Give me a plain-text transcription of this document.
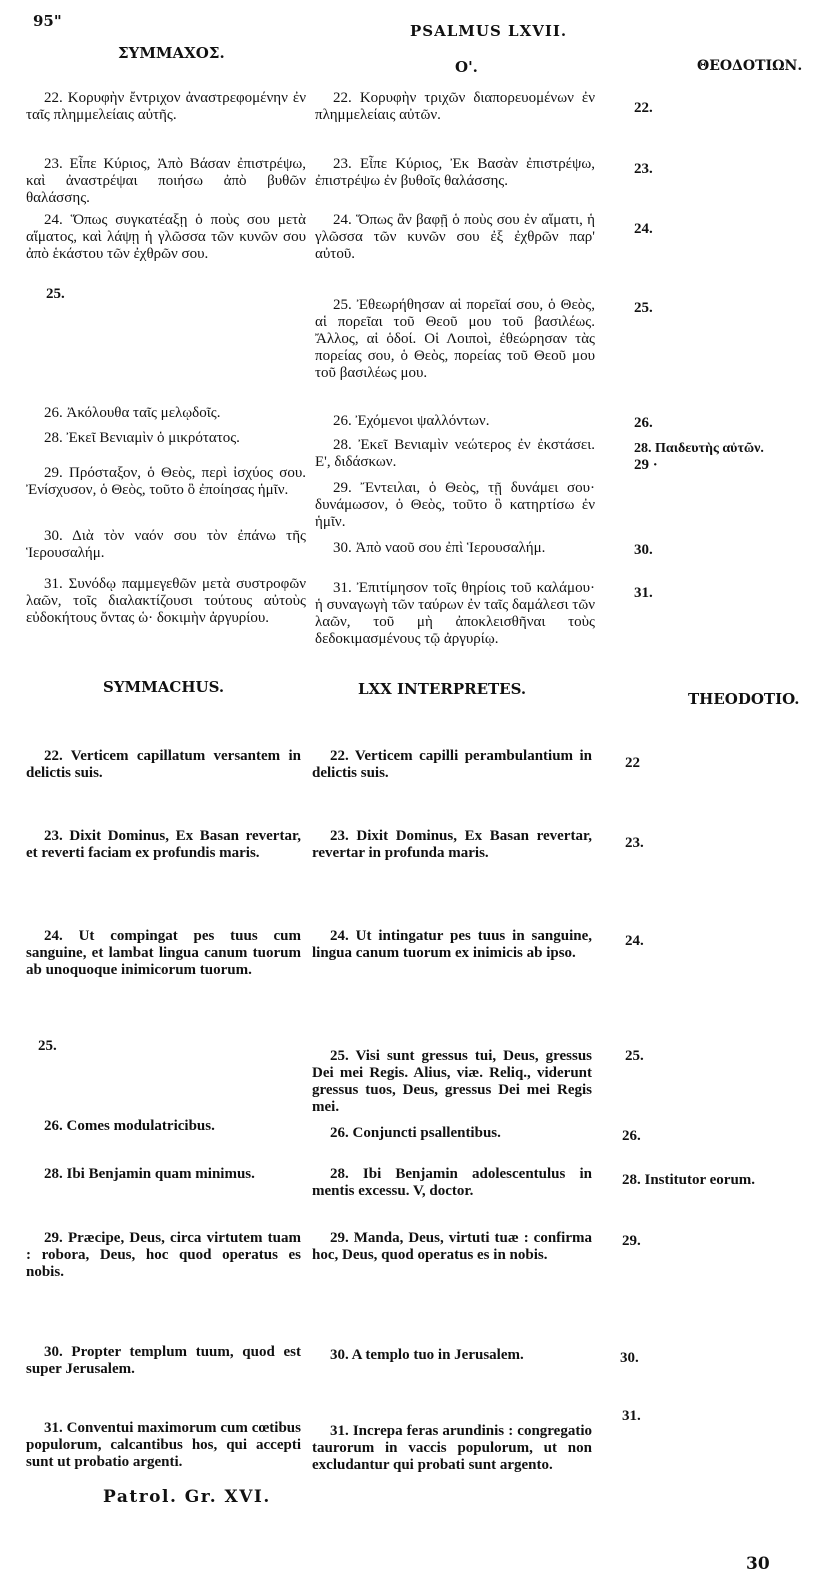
95"
PSALMUS LXVII.
ΣΥΜΜΑΧΟΣ.
O'.	ΘΕΟΔΟΤΙΩΝ.
22. Κορυφὴν ἔντριχον ἀναστρεφομένην ἐν ταῖς πλημμελείαις αὐτῆς.
23. Εἶπε Κύριος, Ἀπὸ Βάσαν ἐπιστρέψω, καὶ ἀναστρέψαι ποιήσω ἀπὸ βυθῶν θαλάσσης.
24. Ὅπως συγκατέαξῃ ὁ ποὺς σου μετὰ αἵματος, καὶ λάψῃ ἡ γλῶσσα τῶν κυνῶν σου ἀπὸ ἑκάστου τῶν ἐχθρῶν σου.
25.
26. Ἀκόλουθα ταῖς μελῳδοῖς.
28. Ἐκεῖ Βενιαμὶν ὁ μικρότατος.
29. Πρόσταξον, ὁ Θεὸς, περὶ ἰσχύος σου. Ἐνίσχυσον, ὁ Θεὸς, τοῦτο ὃ ἐποίησας ἡμῖν.
30. Διὰ τὸν ναόν σου τὸν ἐπάνω τῆς Ἱερουσαλήμ.
31. Συνόδῳ παμμεγεθῶν μετὰ συστροφῶν λαῶν, τοῖς διαλακτίζουσι τούτους αὐτοὺς εὐδοκήτους ὄντας ὡ· δοκιμὴν ἀργυρίου.
22. Κορυφὴν τριχῶν διαπορευομένων ἐν πλημμελείαις αὐτῶν.
23. Εἶπε Κύριος, Ἐκ Βασὰν ἐπιστρέψω, ἐπιστρέψω ἐν βυθοῖς θαλάσσης.
24. Ὅπως ἂν βαφῇ ὁ ποὺς σου ἐν αἵματι, ἡ γλῶσσα τῶν κυνῶν σου ἐξ ἐχθρῶν παρ' αὐτοῦ.
25. Ἐθεωρήθησαν αἱ πορεῖαί σου, ὁ Θεὸς, αἱ πορεῖαι τοῦ Θεοῦ μου τοῦ βασιλέως. Ἄλλος, αἱ ὁδοί. Οἱ Λοιποὶ, ἐθεώρησαν τὰς πορείας σου, ὁ Θεὸς, πορείας τοῦ Θεοῦ μου τοῦ βασιλέως μου.
26. Ἐχόμενοι ψαλλόντων.
28. Ἐκεῖ Βενιαμὶν νεώτερος ἐν ἐκστάσει. Ε', διδάσκων.
29. Ἔντειλαι, ὁ Θεὸς, τῇ δυνάμει σου· δυνάμωσον, ὁ Θεὸς, τοῦτο ὃ κατηρτίσω ἐν ἡμῖν.
30. Ἀπὸ ναοῦ σου ἐπὶ Ἱερουσαλήμ.
31. Ἐπιτίμησον τοῖς θηρίοις τοῦ καλάμου· ἡ συναγωγὴ τῶν ταύρων ἐν ταῖς δαμάλεσι τῶν λαῶν, τοῦ μὴ ἀποκλεισθῆναι τοὺς δεδοκιμασμένους τῷ ἀργυρίῳ.
22.
23.
24.
25.
26.
28. Παιδευτὴς αὐτῶν.
29 ·
30.
31.
SYMMACHUS.	LXX INTERPRETES.
THEODOTIO.
22. Verticem capillatum versantem in delictis suis.
23. Dixit Dominus, Ex Basan revertar, et reverti faciam ex profundis maris.
24. Ut compingat pes tuus cum sanguine, et lambat lingua canum tuorum ab unoquoque inimicorum tuorum.
25.
26. Comes modulatricibus.
28. Ibi Benjamin quam minimus.
29. Præcipe, Deus, circa virtutem tuam : robora, Deus, hoc quod operatus es nobis.
30. Propter templum tuum, quod est super Jerusalem.
31. Conventui maximorum cum cœtibus populorum, calcantibus hos, qui accepti sunt ut probatio argenti.
22. Verticem capilli perambulantium in delictis suis.
23. Dixit Dominus, Ex Basan revertar, revertar in profunda maris.
24. Ut intingatur pes tuus in sanguine, lingua canum tuorum ex inimicis ab ipso.
25. Visi sunt gressus tui, Deus, gressus Dei mei Regis. Alius, viæ. Reliq., viderunt gressus tuos, Deus, gressus Dei mei Regis mei.
26. Conjuncti psallentibus.
28. Ibi Benjamin adolescentulus in mentis excessu. V, doctor.
29. Manda, Deus, virtuti tuæ : confirma hoc, Deus, quod operatus es in nobis.
30. A templo tuo in Jerusalem.
31. Increpa feras arundinis : congregatio taurorum in vaccis populorum, ut non excludantur qui probati sunt argento.
22
23.
24.
25.
26.
28. Institutor eorum.
29.
30.
31.
Patrol. Gr. XVI.
30
